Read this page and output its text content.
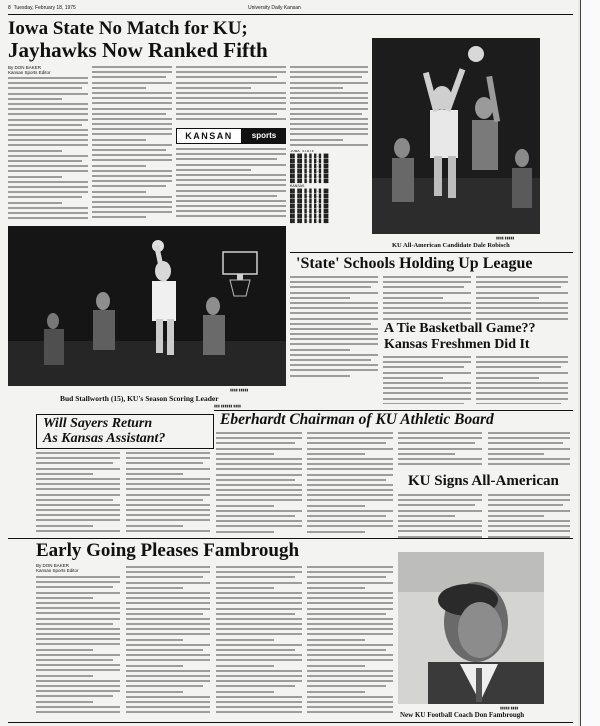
8 Tuesday, February 18, 1975	University Daily Kansan
Iowa State No Match for KU;
Jayhawks Now Ranked Fifth
By DON BAKER
Kansan Sports Editor
KANSAN	sports
IOWA STATE
██ ██ █-█ █-█ ██
██ ██ █-█ █-█ ██
██ ██ █-█ █-█ ██
██ ██ █-█ █-█ ██
██ ██ █-█ █-█ ██
██ ██ █-█ █-█ ██
KANSAS
██ ██ █-█ █-█ ██
██ ██ █-█ █-█ ██
██ ██ █-█ █-█ ██
██ ██ █-█ █-█ ██
██ ██ █-█ █-█ ██
██ ██ █-█ █-█ ██
██ ██ █-█ █-█ ██
▮▮▮▮ ▮▮▮▮▮
KU All-American Candidate Dale Robisch
▮▮▮▮ ▮▮▮▮▮
Bud Stallworth (15), KU's Season Scoring Leader
▮▮▮ ▮▮▮▮▮▮ ▮▮▮▮
'State' Schools Holding Up League
A Tie Basketball Game??
Kansas Freshmen Did It
Will Sayers Return
As Kansas Assistant?
Eberhardt Chairman of KU Athletic Board
KU Signs All-American
Early Going Pleases Fambrough
By DON BAKER
Kansan Sports Editor
▮▮▮▮▮ ▮▮▮▮
New KU Football Coach Don Fambrough
